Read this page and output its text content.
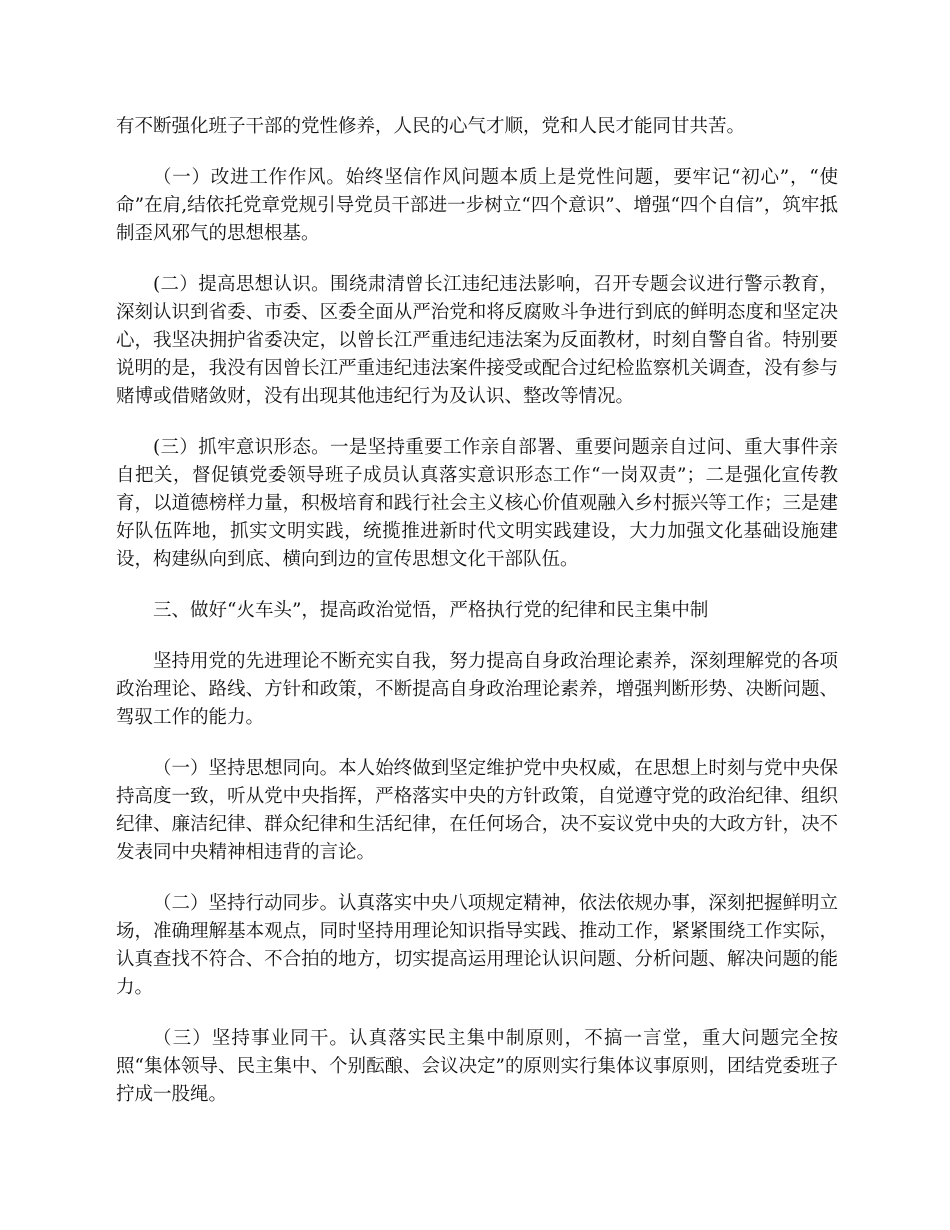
有不断强化班子干部的党性修养，人民的心气才顺，党和人民才能同甘共苦。

（一）改进工作作风。始终坚信作风问题本质上是党性问题，要牢记“初心”，“使命”在肩,结依托党章党规引导党员干部进一步树立“四个意识”、增强“四个自信”，筑牢抵制歪风邪气的思想根基。

(二）提高思想认识。围绕肃清曾长江违纪违法影响，召开专题会议进行警示教育，深刻认识到省委、市委、区委全面从严治党和将反腐败斗争进行到底的鲜明态度和坚定决心，我坚决拥护省委决定，以曾长江严重违纪违法案为反面教材，时刻自警自省。特别要说明的是，我没有因曾长江严重违纪违法案件接受或配合过纪检监察机关调查，没有参与赌博或借赌敛财，没有出现其他违纪行为及认识、整改等情况。

(三）抓牢意识形态。一是坚持重要工作亲自部署、重要问题亲自过问、重大事件亲自把关，督促镇党委领导班子成员认真落实意识形态工作“一岗双责”；二是强化宣传教育，以道德榜样力量，积极培育和践行社会主义核心价值观融入乡村振兴等工作；三是建好队伍阵地，抓实文明实践，统揽推进新时代文明实践建设，大力加强文化基础设施建设，构建纵向到底、横向到边的宣传思想文化干部队伍。

三、做好“火车头”，提高政治觉悟，严格执行党的纪律和民主集中制

坚持用党的先进理论不断充实自我，努力提高自身政治理论素养，深刻理解党的各项政治理论、路线、方针和政策，不断提高自身政治理论素养，增强判断形势、决断问题、驾驭工作的能力。

（一）坚持思想同向。本人始终做到坚定维护党中央权威，在思想上时刻与党中央保持高度一致，听从党中央指挥，严格落实中央的方针政策，自觉遵守党的政治纪律、组织纪律、廉洁纪律、群众纪律和生活纪律，在任何场合，决不妄议党中央的大政方针，决不发表同中央精神相违背的言论。

（二）坚持行动同步。认真落实中央八项规定精神，依法依规办事，深刻把握鲜明立场，准确理解基本观点，同时坚持用理论知识指导实践、推动工作，紧紧围绕工作实际，认真查找不符合、不合拍的地方，切实提高运用理论认识问题、分析问题、解决问题的能力。

（三）坚持事业同干。认真落实民主集中制原则，不搞一言堂，重大问题完全按照“集体领导、民主集中、个别酝酿、会议决定”的原则实行集体议事原则，团结党委班子拧成一股绳。
